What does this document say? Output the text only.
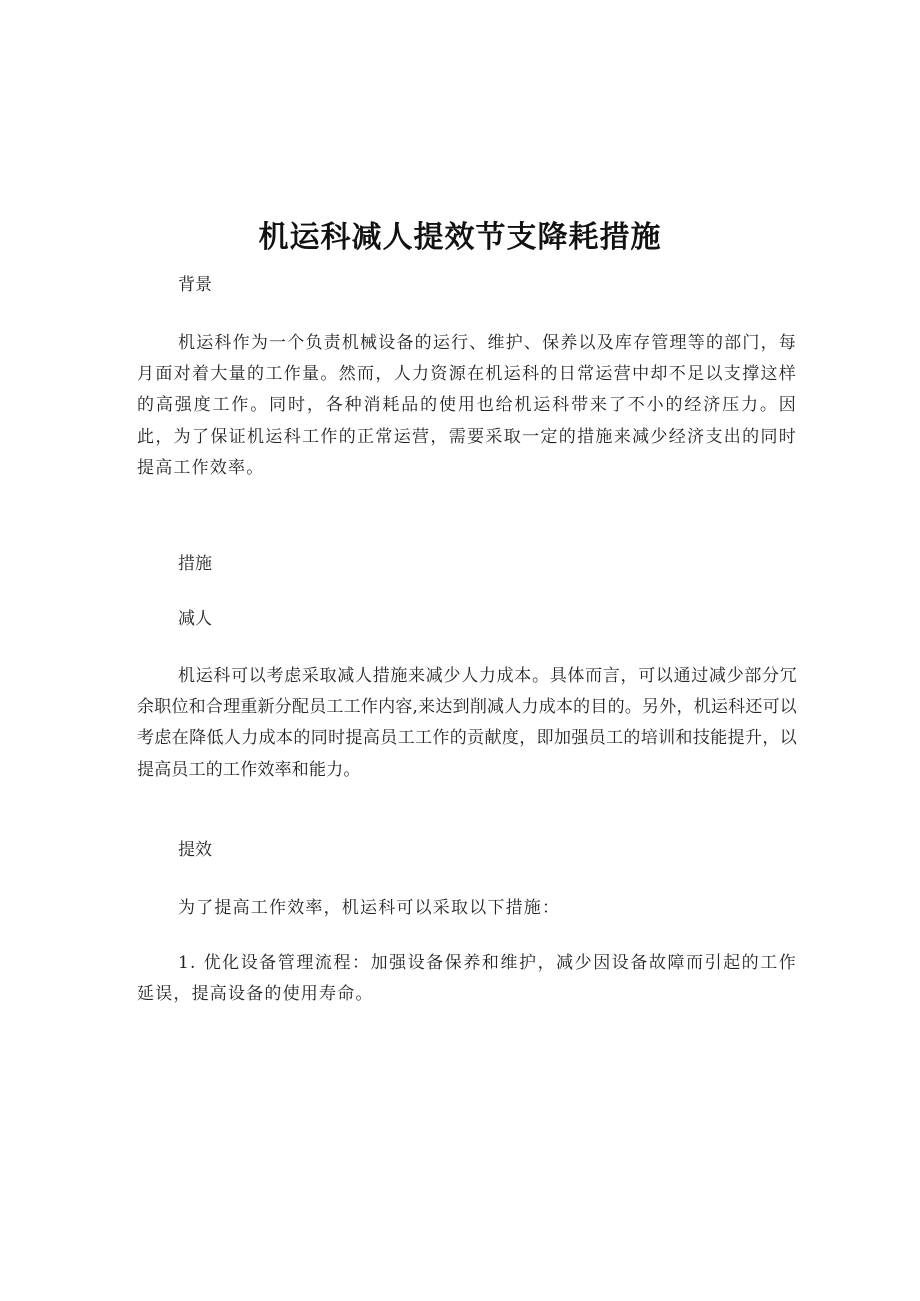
机运科减人提效节支降耗措施

背景

机运科作为一个负责机械设备的运行、维护、保养以及库存管理等的部门，每月面对着大量的工作量。然而，人力资源在机运科的日常运营中却不足以支撑这样的高强度工作。同时，各种消耗品的使用也给机运科带来了不小的经济压力。因此，为了保证机运科工作的正常运营，需要采取一定的措施来减少经济支出的同时提高工作效率。

措施

减人

机运科可以考虑采取减人措施来减少人力成本。具体而言，可以通过减少部分冗余职位和合理重新分配员工工作内容,来达到削减人力成本的目的。另外，机运科还可以考虑在降低人力成本的同时提高员工工作的贡献度，即加强员工的培训和技能提升，以提高员工的工作效率和能力。

提效

为了提高工作效率，机运科可以采取以下措施：

1. 优化设备管理流程：加强设备保养和维护，减少因设备故障而引起的工作延误，提高设备的使用寿命。
